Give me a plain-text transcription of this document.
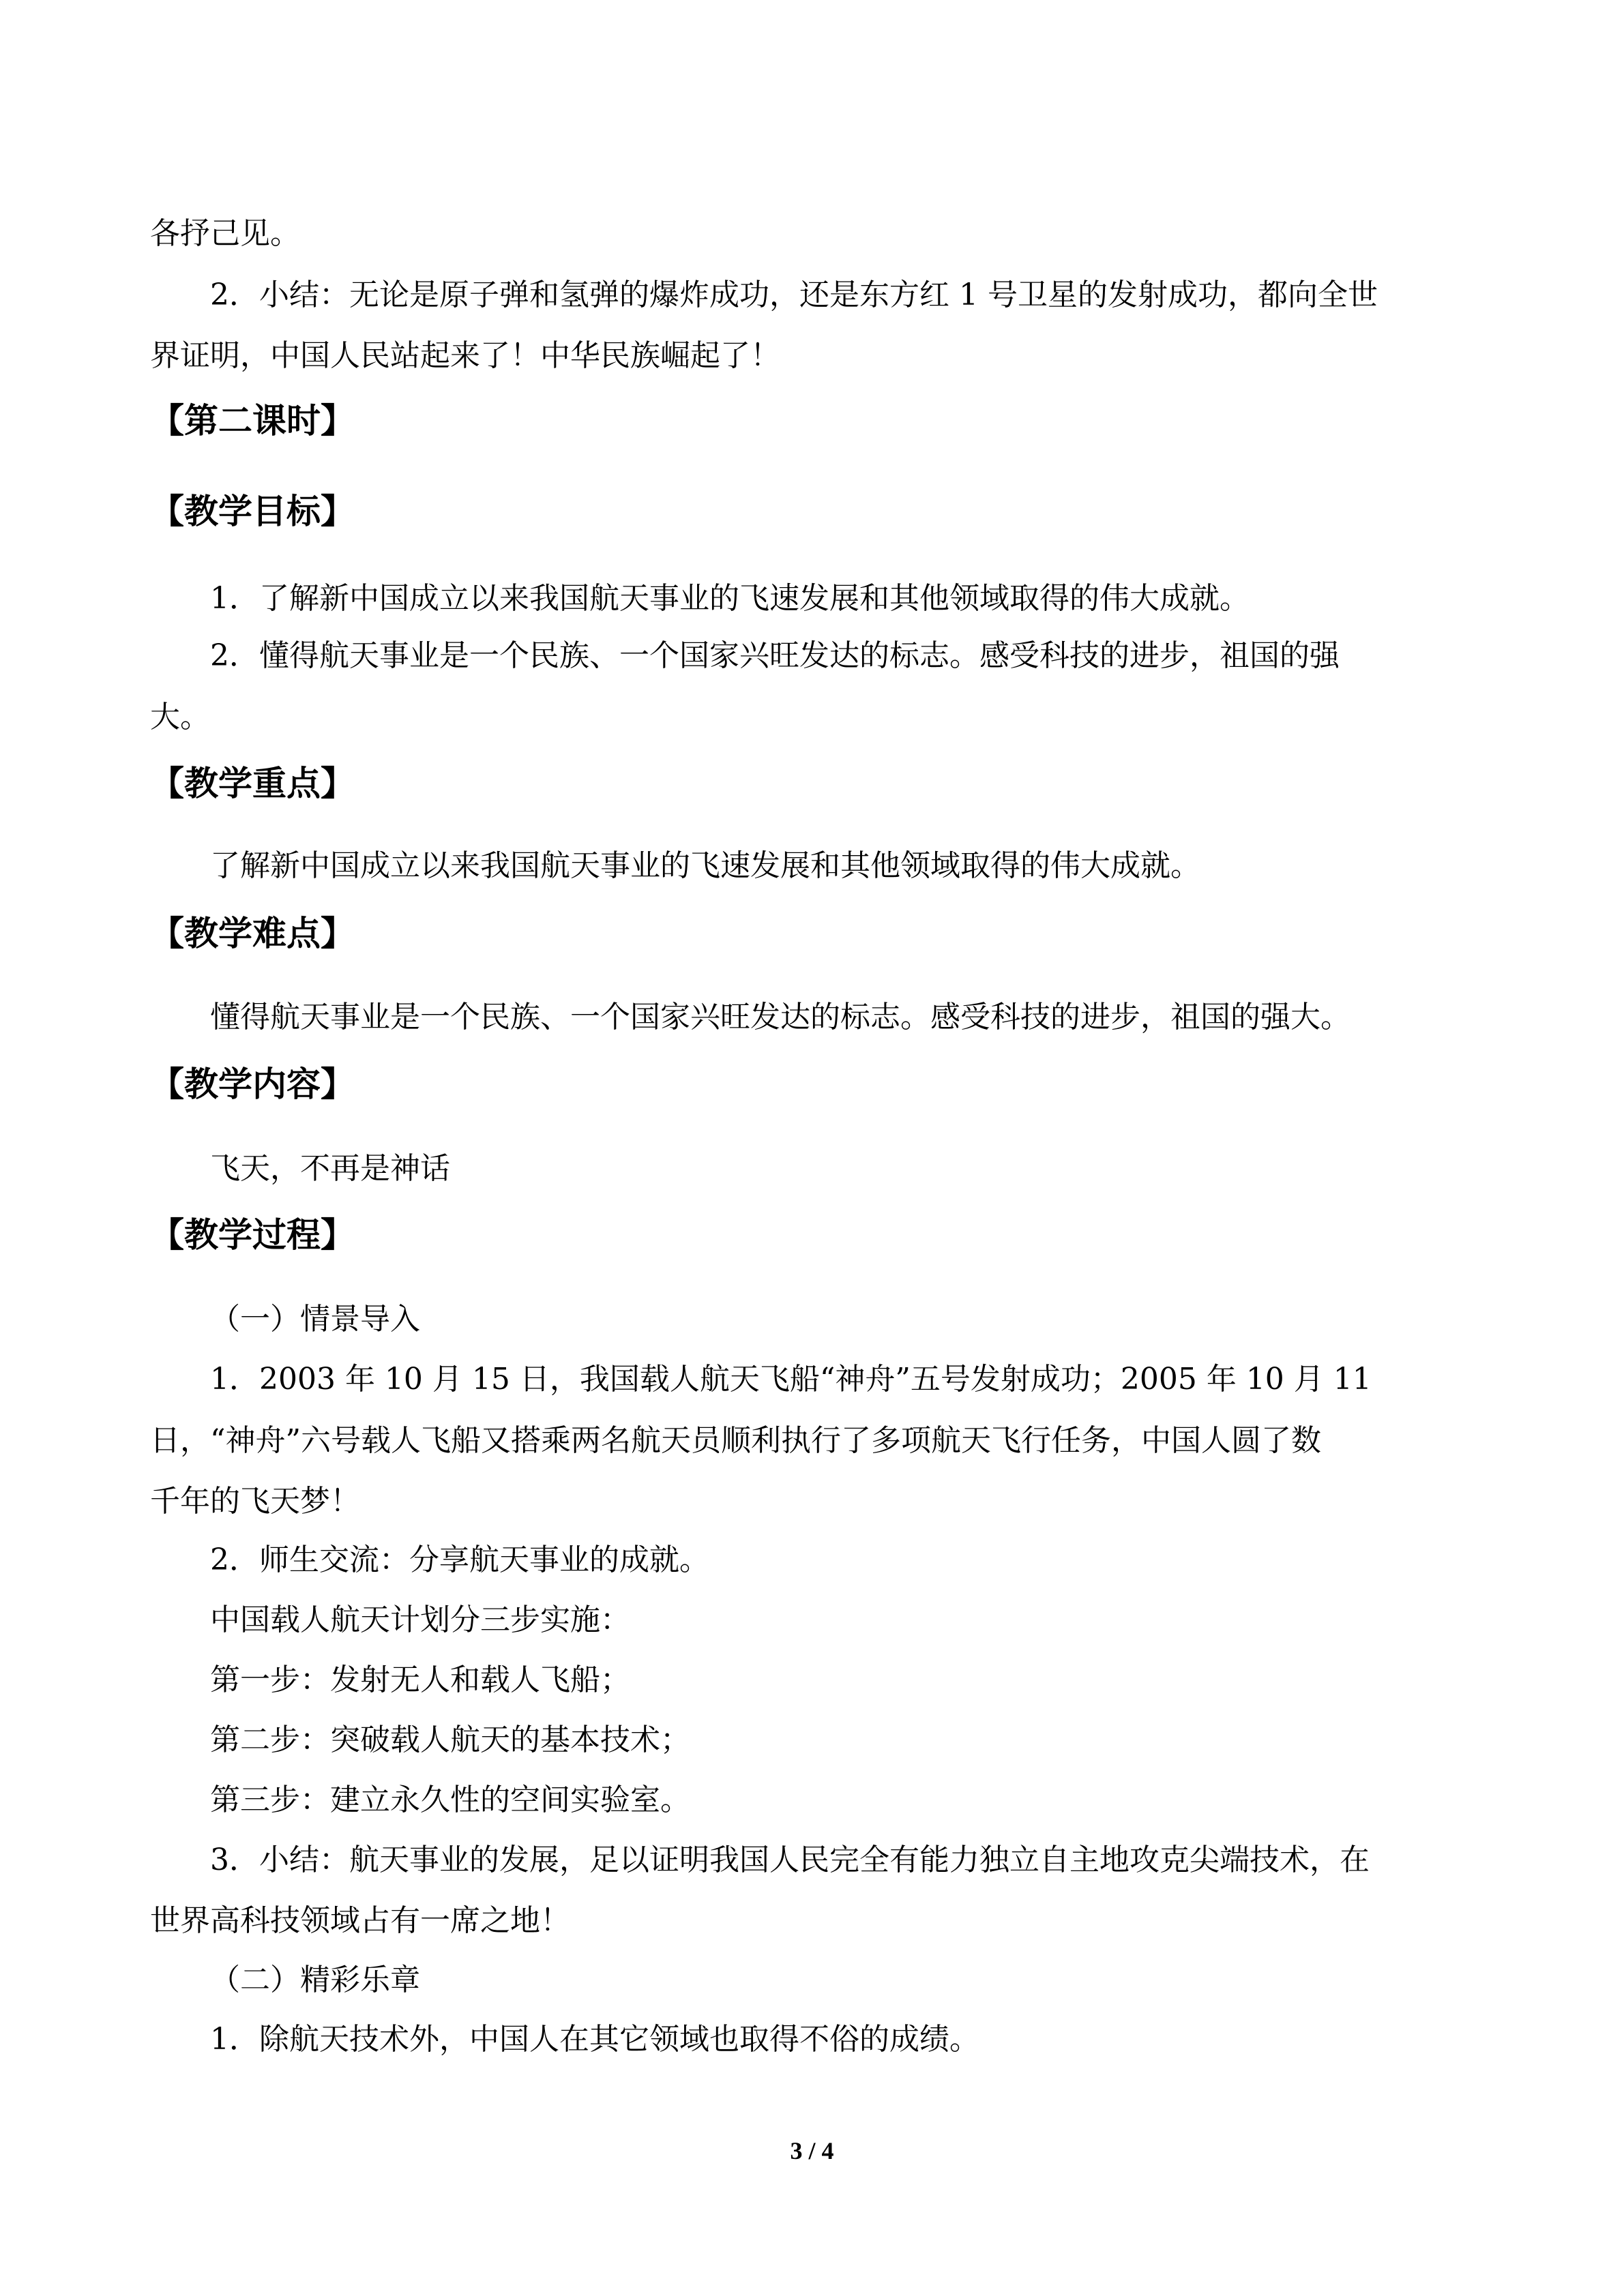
各抒己见。
2．小结：无论是原子弹和氢弹的爆炸成功，还是东方红 1 号卫星的发射成功，都向全世
界证明，中国人民站起来了！中华民族崛起了！
【第二课时】
【教学目标】
1．了解新中国成立以来我国航天事业的飞速发展和其他领域取得的伟大成就。
2．懂得航天事业是一个民族、一个国家兴旺发达的标志。感受科技的进步，祖国的强
大。
【教学重点】
了解新中国成立以来我国航天事业的飞速发展和其他领域取得的伟大成就。
【教学难点】
懂得航天事业是一个民族、一个国家兴旺发达的标志。感受科技的进步，祖国的强大。
【教学内容】
飞天，不再是神话
【教学过程】
（一）情景导入
1．2003 年 10 月 15 日，我国载人航天飞船“神舟”五号发射成功；2005 年 10 月 11
日，“神舟”六号载人飞船又搭乘两名航天员顺利执行了多项航天飞行任务，中国人圆了数
千年的飞天梦！
2．师生交流：分享航天事业的成就。
中国载人航天计划分三步实施：
第一步：发射无人和载人飞船；
第二步：突破载人航天的基本技术；
第三步：建立永久性的空间实验室。
3．小结：航天事业的发展，足以证明我国人民完全有能力独立自主地攻克尖端技术，在
世界高科技领域占有一席之地！
（二）精彩乐章
1．除航天技术外，中国人在其它领域也取得不俗的成绩。
3 / 4
